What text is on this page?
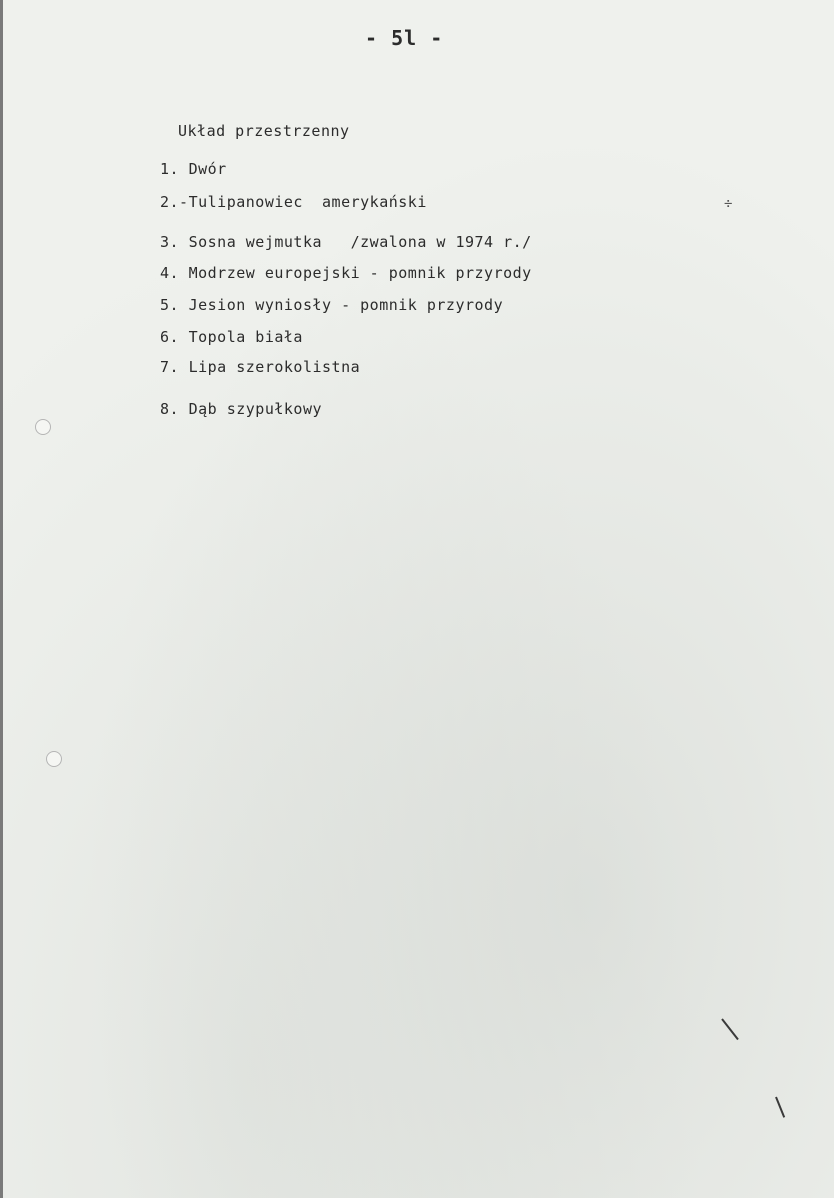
- 5l -
Układ przestrzenny
1. Dwór
2.-Tulipanowiec  amerykański
3. Sosna wejmutka   /zwalona w 1974 r./
4. Modrzew europejski - pomnik przyrody
5. Jesion wyniosły - pomnik przyrody
6. Topola biała
7. Lipa szerokolistna
8. Dąb szypułkowy
÷
